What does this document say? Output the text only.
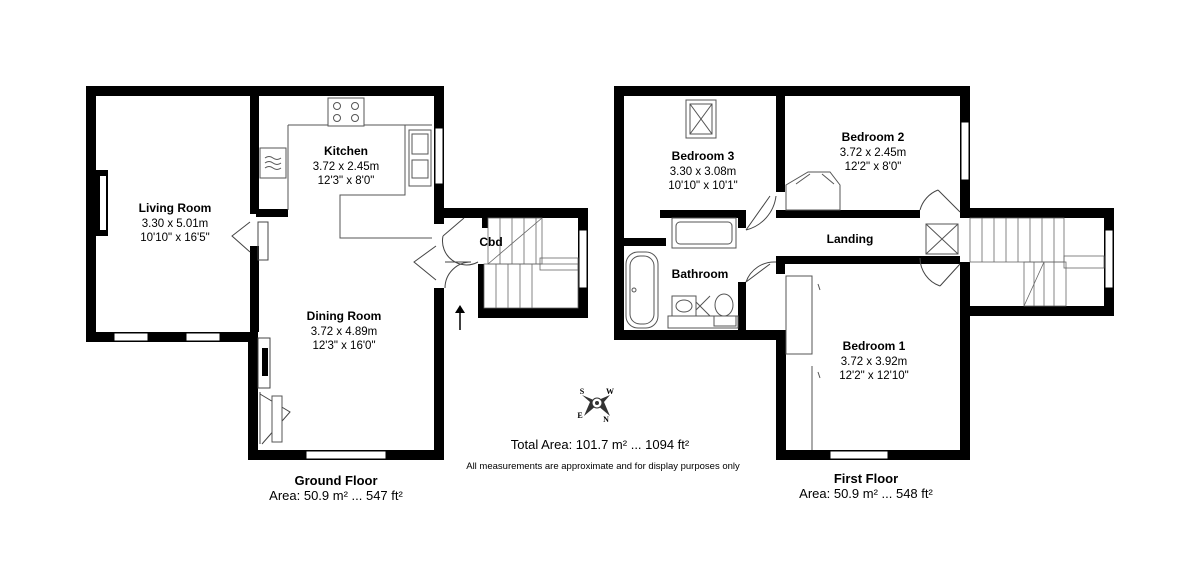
Living Room
3.30 x 5.01m
10'10" x 16'5"
Kitchen
3.72 x 2.45m
12'3" x 8'0"
Cbd
Dining Room
3.72 x 4.89m
12'3" x 16'0"
Ground Floor
Area: 50.9 m² ... 547 ft²
Bedroom 3
3.30 x 3.08m
10'10" x 10'1"
Bedroom 2
3.72 x 2.45m
12'2" x 8'0"
Landing
Bathroom
Bedroom 1
3.72 x 3.92m
12'2" x 12'10"
First Floor
Area: 50.9 m² ... 548 ft²
S	W
E	N
Total Area: 101.7 m² ... 1094 ft²
All measurements are approximate and for display purposes only
